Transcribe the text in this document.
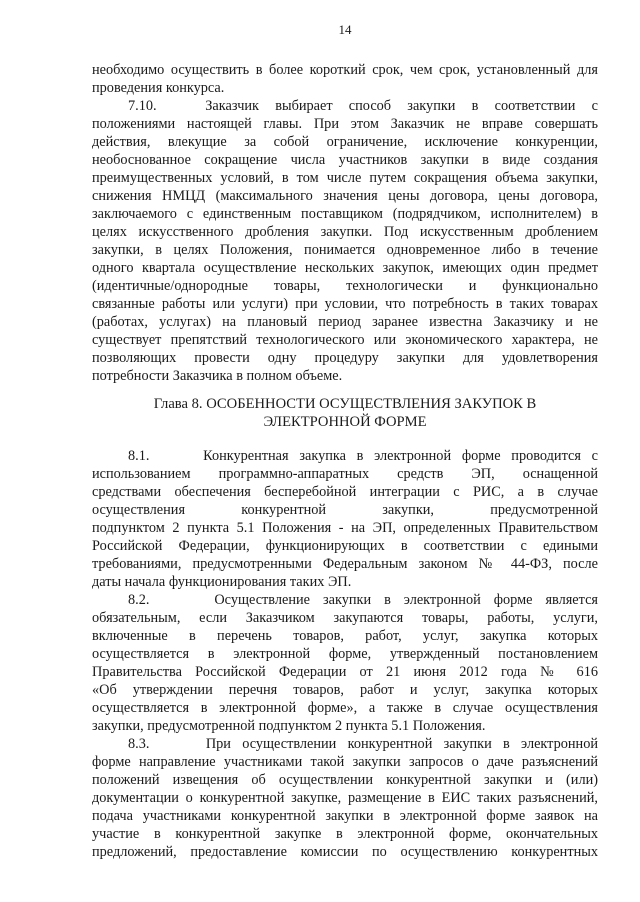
14
необходимо осуществить в более короткий срок, чем срок, установленный для
проведения конкурса.
7.10.   Заказчик выбирает способ закупки в соответствии с
положениями настоящей главы. При этом Заказчик не вправе совершать
действия, влекущие за собой ограничение, исключение конкуренции,
необоснованное сокращение числа участников закупки в виде создания
преимущественных условий, в том числе путем сокращения объема закупки,
снижения НМЦД (максимального значения цены договора, цены договора,
заключаемого с единственным поставщиком (подрядчиком, исполнителем) в
целях искусственного дробления закупки. Под искусственным дроблением
закупки, в целях Положения, понимается одновременное либо в течение
одного квартала осуществление нескольких закупок, имеющих один предмет
(идентичные/однородные товары, технологически и функционально
связанные работы или услуги) при условии, что потребность в таких товарах
(работах, услугах) на плановый период заранее известна Заказчику и не
существует препятствий технологического или экономического характера, не
позволяющих провести одну процедуру закупки для удовлетворения
потребности Заказчика в полном объеме.
Глава 8. ОСОБЕННОСТИ ОСУЩЕСТВЛЕНИЯ ЗАКУПОК В
ЭЛЕКТРОННОЙ ФОРМЕ
8.1.     Конкурентная закупка в электронной форме проводится с
использованием программно-аппаратных средств ЭП, оснащенной
средствами обеспечения бесперебойной интеграции с РИС, а в случае
осуществления конкурентной закупки, предусмотренной
подпунктом 2 пункта 5.1 Положения - на ЭП, определенных Правительством
Российской Федерации, функционирующих в соответствии с едиными
требованиями, предусмотренными Федеральным законом № 44-ФЗ, после
даты начала функционирования таких ЭП.
8.2.     Осуществление закупки в электронной форме является
обязательным, если Заказчиком закупаются товары, работы, услуги,
включенные в перечень товаров, работ, услуг, закупка которых
осуществляется в электронной форме, утвержденный постановлением
Правительства Российской Федерации от 21 июня 2012 года № 616
«Об утверждении перечня товаров, работ и услуг, закупка которых
осуществляется в электронной форме», а также в случае осуществления
закупки, предусмотренной подпунктом 2 пункта 5.1 Положения.
8.3.     При осуществлении конкурентной закупки в электронной
форме направление участниками такой закупки запросов о даче разъяснений
положений извещения об осуществлении конкурентной закупки и (или)
документации о конкурентной закупке, размещение в ЕИС таких разъяснений,
подача участниками конкурентной закупки в электронной форме заявок на
участие в конкурентной закупке в электронной форме, окончательных
предложений, предоставление комиссии по осуществлению конкурентных
